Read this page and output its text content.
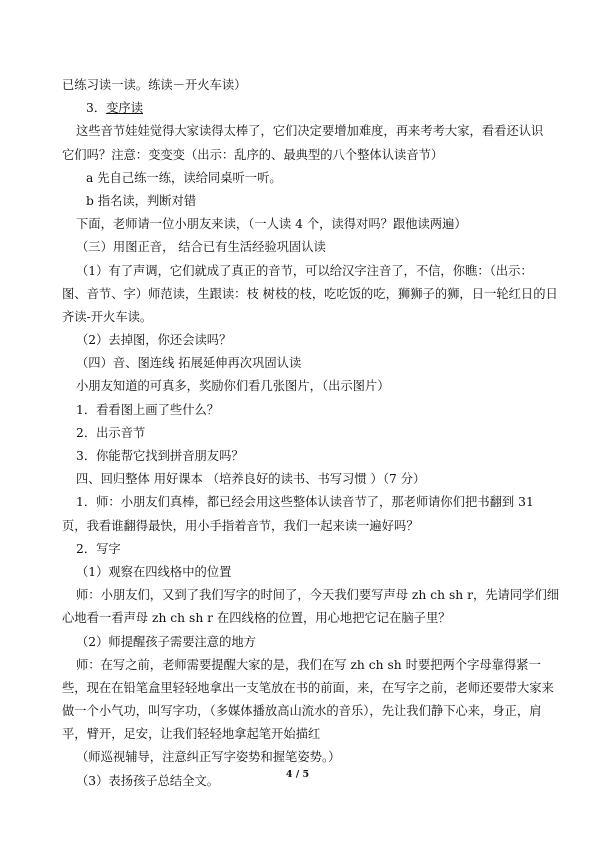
已练习读一读。练读－开火车读）
3．变序读
这些音节娃娃觉得大家读得太棒了，它们决定要增加难度，再来考考大家，看看还认识
它们吗？注意：变变变（出示：乱序的、最典型的八个整体认读音节）
a 先自己练一练，读给同桌听一听。
b 指名读，判断对错
下面，老师请一位小朋友来读，（一人读 4 个，读得对吗？跟他读两遍）
（三）用图正音， 结合已有生活经验巩固认读
（1）有了声调，它们就成了真正的音节，可以给汉字注音了，不信，你瞧：（出示：
图、音节、字）师范读，生跟读：枝 树枝的枝，吃吃饭的吃，狮狮子的狮，日一轮红日的日
齐读-开火车读。
（2）去掉图，你还会读吗？
（四）音、图连线 拓展延伸再次巩固认读
小朋友知道的可真多，奖励你们看几张图片，（出示图片）
1．看看图上画了些什么？
2．出示音节
3．你能帮它找到拼音朋友吗？
四、回归整体 用好课本 （培养良好的读书、书写习惯 ）（7 分）
1．师：小朋友们真棒，都已经会用这些整体认读音节了，那老师请你们把书翻到 31
页，我看谁翻得最快，用小手指着音节，我们一起来读一遍好吗？
2．写字
（1）观察在四线格中的位置
师：小朋友们，又到了我们写字的时间了，今天我们要写声母 zh ch sh r，先请同学们细
心地看一看声母 zh ch sh r 在四线格的位置，用心地把它记在脑子里？
（2）师提醒孩子需要注意的地方
师：在写之前，老师需要提醒大家的是，我们在写 zh ch sh 时要把两个字母靠得紧一
些，现在在铅笔盒里轻轻地拿出一支笔放在书的前面，来，在写字之前，老师还要带大家来
做一个小气功，叫写字功，（多媒体播放高山流水的音乐），先让我们静下心来，身正，肩
平，臂开，足安，让我们轻轻地拿起笔开始描红
（师巡视辅导，注意纠正写字姿势和握笔姿势。）
（3）表扬孩子总结全文。	4 / 5
